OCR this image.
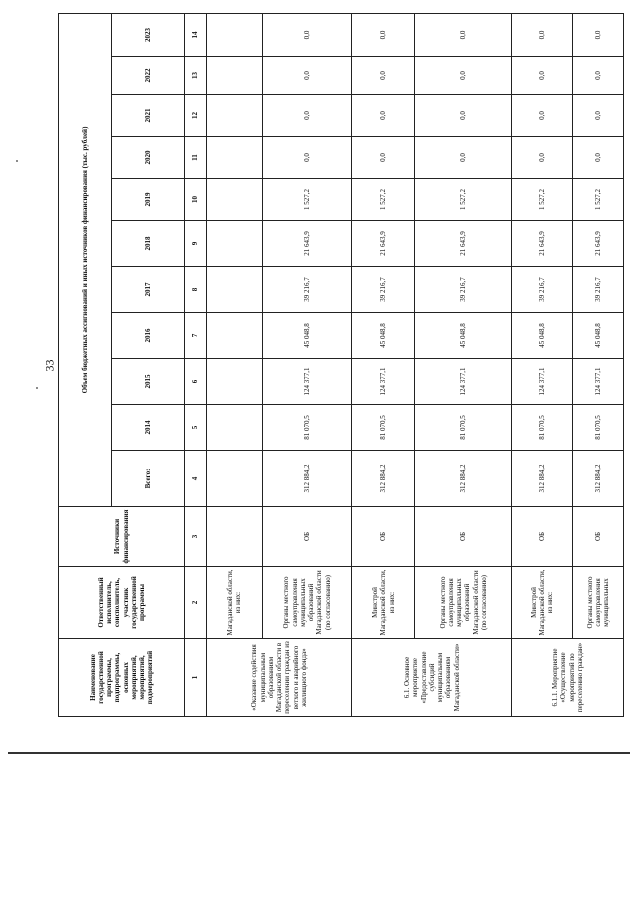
33
Наименование государственной программы, подпрограммы, основных мероприятий, мероприятий, подмероприятий	Ответственный исполнитель, соисполнитель, участник государственной программы	Источники финансирования	Объем бюджетных ассигнований и иных источников финансирования (тыс. рублей)										
			Всего:	2014	2015	2016	2017	2018	2019	2020	2021	2022	2023
1	2	3	4	5	6	7	8	9	10	11	12	13	14
«Оказание содействия муниципальным образованиям Магаданской области в переселении граждан из ветхого и аварийного жилищного фонда»	Магаданской области, из них:												
	Органы местного самоуправления муниципальных образований Магаданской области (по согласованию)	ОБ	312 884,2	81 070,5	124 377,1	45 048,8	39 216,7	21 643,9	1 527,2	0,0	0,0	0,0	0,0
6.1. Основное мероприятие «Предоставление субсидий муниципальным образованиям Магаданской области»	Минстрой Магаданской области, из них:	ОБ	312 884,2	81 070,5	124 377,1	45 048,8	39 216,7	21 643,9	1 527,2	0,0	0,0	0,0	0,0
	Органы местного самоуправления муниципальных образований Магаданской области (по согласованию)	ОБ	312 884,2	81 070,5	124 377,1	45 048,8	39 216,7	21 643,9	1 527,2	0,0	0,0	0,0	0,0
6.1.1. Мероприятие «Осуществление мероприятий по переселению граждан»	Минстрой Магаданской области, из них:	ОБ	312 884,2	81 070,5	124 377,1	45 048,8	39 216,7	21 643,9	1 527,2	0,0	0,0	0,0	0,0
	Органы местного самоуправления муниципальных	ОБ	312 884,2	81 070,5	124 377,1	45 048,8	39 216,7	21 643,9	1 527,2	0,0	0,0	0,0	0,0
